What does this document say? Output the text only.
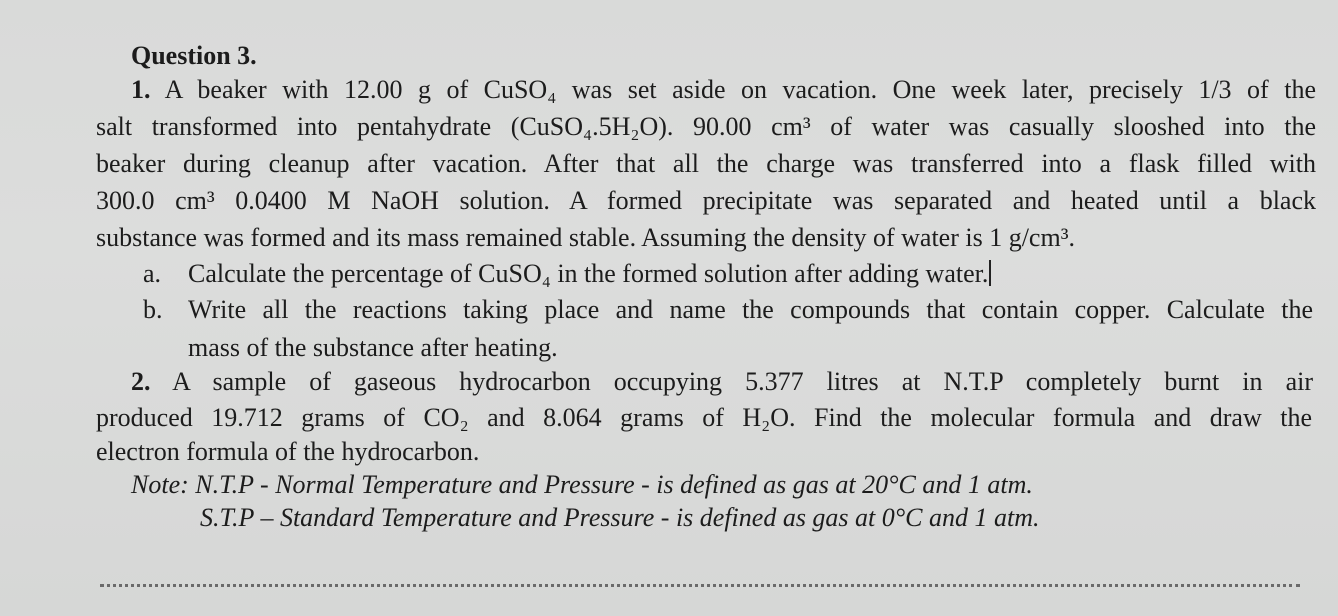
Question 3.
1. A beaker with 12.00 g of CuSO₄ was set aside on vacation. One week later, precisely 1/3 of the
salt transformed into pentahydrate (CuSO₄.5H₂O). 90.00 cm³ of water was casually slooshed into the
beaker during cleanup after vacation. After that all the charge was transferred into a flask filled with
300.0 cm³ 0.0400 M NaOH solution. A formed precipitate was separated and heated until a black
substance was formed and its mass remained stable. Assuming the density of water is 1 g/cm³.
a. Calculate the percentage of CuSO₄ in the formed solution after adding water.
b. Write all the reactions taking place and name the compounds that contain copper. Calculate the
mass of the substance after heating.
2. A sample of gaseous hydrocarbon occupying 5.377 litres at N.T.P completely burnt in air
produced 19.712 grams of CO₂ and 8.064 grams of H₂O. Find the molecular formula and draw the
electron formula of the hydrocarbon.
Note: N.T.P - Normal Temperature and Pressure - is defined as gas at 20°C and 1 atm.
S.T.P – Standard Temperature and Pressure - is defined as gas at 0°C and 1 atm.
